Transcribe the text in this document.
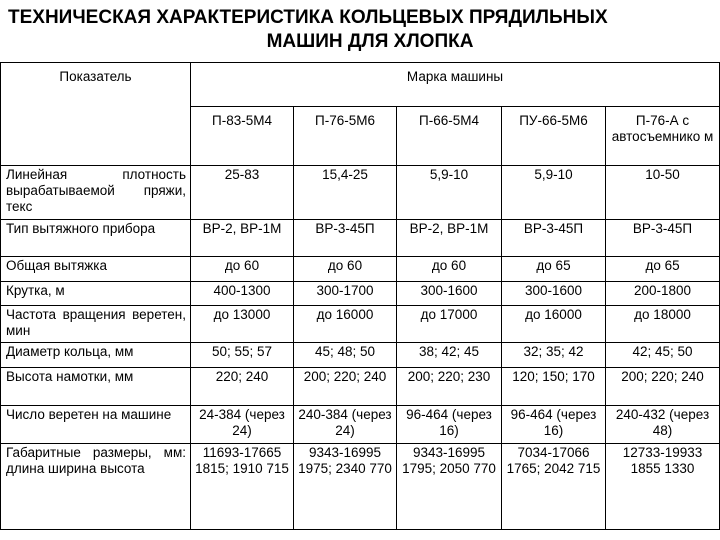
ТЕХНИЧЕСКАЯ ХАРАКТЕРИСТИКА КОЛЬЦЕВЫХ ПРЯДИЛЬНЫХ
МАШИН ДЛЯ ХЛОПКА
Показатель	Марка машины				
	П-83-5М4	П-76-5М6	П-66-5М4	ПУ-66-5М6	П-76-А с автосъемнико м
Линейная плотность вырабатываемой пряжи, текс	25-83	15,4-25	5,9-10	5,9-10	10-50
Тип вытяжного прибора	ВР-2, ВР-1М	ВР-3-45П	ВР-2, ВР-1М	ВР-3-45П	ВР-3-45П
Общая вытяжка	до 60	до 60	до 60	до 65	до 65
Крутка, м	400-1300	300-1700	300-1600	300-1600	200-1800
Частота вращения веретен, мин	до 13000	до 16000	до 17000	до 16000	до 18000
Диаметр кольца, мм	50; 55; 57	45; 48; 50	38; 42; 45	32; 35; 42	42; 45; 50
Высота намотки, мм	220; 240	200; 220; 240	200; 220; 230	120; 150; 170	200; 220; 240
Число веретен на машине	24-384 (через 24)	240-384 (через 24)	96-464 (через 16)	96-464 (через 16)	240-432 (через 48)
Габаритные размеры, мм: длина ширина высота	11693-17665 1815; 1910 715	9343-16995 1975; 2340 770	9343-16995 1795; 2050 770	7034-17066 1765; 2042 715	12733-19933 1855 1330
